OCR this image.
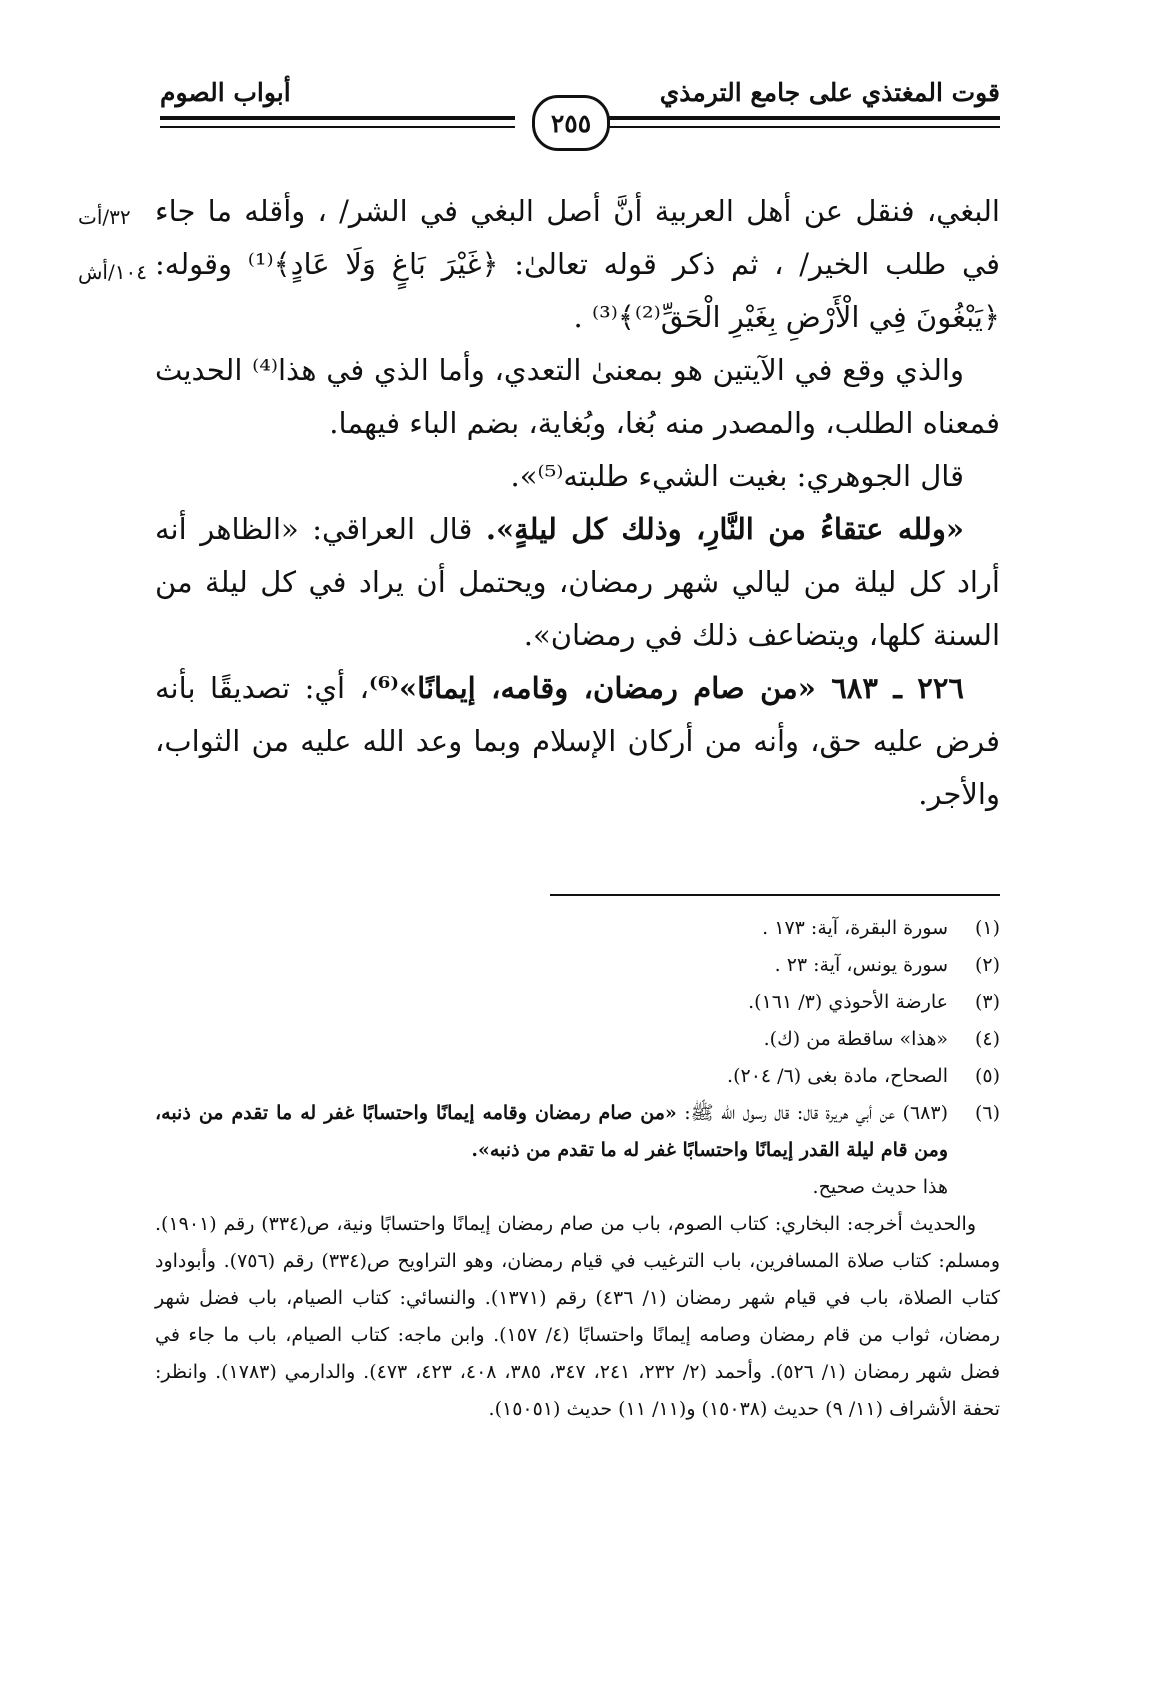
قوت المغتذي على جامع الترمذي
أبواب الصوم
٢٥٥
٣٢/أت
١٠٤/أش

البغي، فنقل عن أهل العربية أنَّ أصل البغي في الشر/ ، وأقله ما جاء في طلب الخير/ ، ثم ذكر قوله تعالىٰ: ﴿غَيْرَ بَاغٍ وَلَا عَادٍ﴾⁽¹⁾ وقوله: ﴿يَبْغُونَ فِي الْأَرْضِ بِغَيْرِ الْحَقِّ⁽²⁾﴾⁽³⁾ .

والذي وقع في الآيتين هو بمعنىٰ التعدي، وأما الذي في هذا⁽⁴⁾ الحديث فمعناه الطلب، والمصدر منه بُغا، وبُغاية، بضم الباء فيهما.

قال الجوهري: بغيت الشيء طلبته⁽⁵⁾».

«ولله عتقاءُ من النَّارِ، وذلك كل ليلةٍ». قال العراقي: «الظاهر أنه أراد كل ليلة من ليالي شهر رمضان، ويحتمل أن يراد في كل ليلة من السنة كلها، ويتضاعف ذلك في رمضان».

٢٢٦ ـ ٦٨٣ «من صام رمضان، وقامه، إيمانًا»⁽⁶⁾، أي: تصديقًا بأنه فرض عليه حق، وأنه من أركان الإسلام وبما وعد الله عليه من الثواب، والأجر.

(١)
سورة البقرة، آية: ١٧٣ .
(٢)
سورة يونس، آية: ٢٣ .
(٣)
عارضة الأحوذي (٣/ ١٦١).
(٤)
«هذا» ساقطة من (ك).
(٥)
الصحاح، مادة بغى (٦/ ٢٠٤).
(٦)
(٦٨٣) عن أبي هريرة قال: قال رسول الله ﷺ: «من صام رمضان وقامه إيمانًا واحتسابًا غفر له ما تقدم من ذنبه، ومن قام ليلة القدر إيمانًا واحتسابًا غفر له ما تقدم من ذنبه».
هذا حديث صحيح.
والحديث أخرجه: البخاري: كتاب الصوم، باب من صام رمضان إيمانًا واحتسابًا ونية، ص(٣٣٤) رقم (١٩٠١). ومسلم: كتاب صلاة المسافرين، باب الترغيب في قيام رمضان، وهو التراويح ص(٣٣٤) رقم (٧٥٦). وأبوداود كتاب الصلاة، باب في قيام شهر رمضان (١/ ٤٣٦) رقم (١٣٧١). والنسائي: كتاب الصيام، باب فضل شهر رمضان، ثواب من قام رمضان وصامه إيمانًا واحتسابًا (٤/ ١٥٧). وابن ماجه: كتاب الصيام، باب ما جاء في فضل شهر رمضان (١/ ٥٢٦). وأحمد (٢/ ٢٣٢، ٢٤١، ٣٤٧، ٣٨٥، ٤٠٨، ٤٢٣، ٤٧٣). والدارمي (١٧٨٣). وانظر: تحفة الأشراف (١١/ ٩) حديث (١٥٠٣٨) و(١١/ ١١) حديث (١٥٠٥١).
